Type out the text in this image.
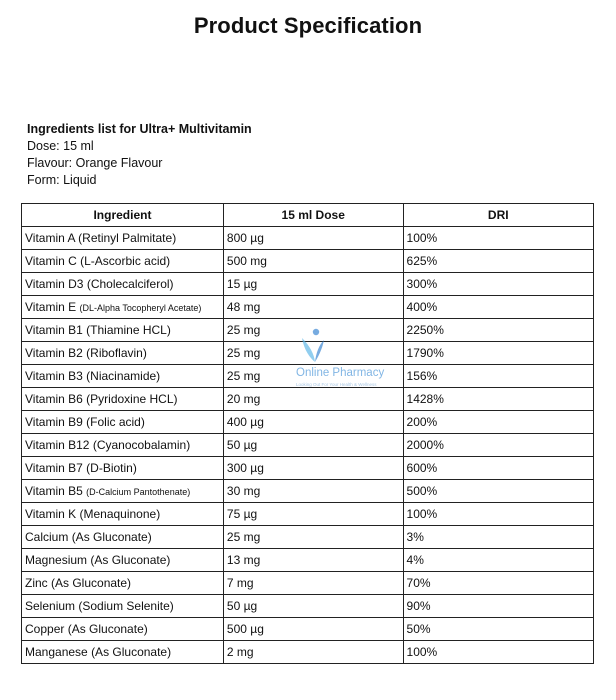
Product Specification
Ingredients list for Ultra+ Multivitamin
Dose: 15 ml
Flavour: Orange Flavour
Form: Liquid
Ingredient	15 ml Dose	DRI
Vitamin A (Retinyl Palmitate)	800 µg	100%
Vitamin C (L-Ascorbic acid)	500 mg	625%
Vitamin D3 (Cholecalciferol)	15 µg	300%
Vitamin E (DL-Alpha Tocopheryl Acetate)	48 mg	400%
Vitamin B1 (Thiamine HCL)	25 mg	2250%
Vitamin B2 (Riboflavin)	25 mg	1790%
Vitamin B3 (Niacinamide)	25 mg	156%
Vitamin B6 (Pyridoxine HCL)	20 mg	1428%
Vitamin B9 (Folic acid)	400 µg	200%
Vitamin B12 (Cyanocobalamin)	50 µg	2000%
Vitamin B7 (D-Biotin)	300 µg	600%
Vitamin B5 (D-Calcium Pantothenate)	30 mg	500%
Vitamin K (Menaquinone)	75 µg	100%
Calcium (As Gluconate)	25 mg	3%
Magnesium (As Gluconate)	13 mg	4%
Zinc (As Gluconate)	7 mg	70%
Selenium (Sodium Selenite)	50 µg	90%
Copper (As Gluconate)	500 µg	50%
Manganese (As Gluconate)	2 mg	100%
Online Pharmacy
Looking Out For Your Health & Wellness
